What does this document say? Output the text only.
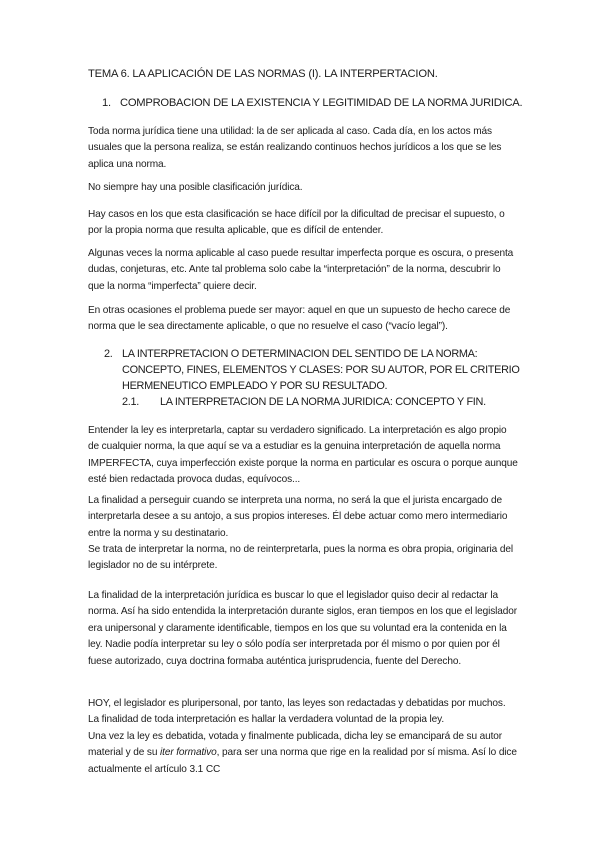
TEMA 6. LA APLICACIÓN DE LAS NORMAS (I). LA INTERPERTACION.
1. COMPROBACION DE LA EXISTENCIA Y LEGITIMIDAD DE LA NORMA JURIDICA.

Toda norma jurídica tiene una utilidad: la de ser aplicada al caso. Cada día, en los actos más usuales que la persona realiza, se están realizando continuos hechos jurídicos a los que se les aplica una norma.

No siempre hay una posible clasificación jurídica.

Hay casos en los que esta clasificación se hace difícil por la dificultad de precisar el supuesto, o por la propia norma que resulta aplicable, que es difícil de entender.

Algunas veces la norma aplicable al caso puede resultar imperfecta porque es oscura, o presenta dudas, conjeturas, etc. Ante tal problema solo cabe la “interpretación” de la norma, descubrir lo que la norma “imperfecta” quiere decir.

En otras ocasiones el problema puede ser mayor: aquel en que un supuesto de hecho carece de norma que le sea directamente aplicable, o que no resuelve el caso (“vacío legal”).

2. LA INTERPRETACION O DETERMINACION DEL SENTIDO DE LA NORMA: CONCEPTO, FINES, ELEMENTOS Y CLASES: POR SU AUTOR, POR EL CRITERIO HERMENEUTICO EMPLEADO Y POR SU RESULTADO.
2.1. LA INTERPRETACION DE LA NORMA JURIDICA: CONCEPTO Y FIN.

Entender la ley es interpretarla, captar su verdadero significado. La interpretación es algo propio de cualquier norma, la que aquí se va a estudiar es la genuina interpretación de aquella norma IMPERFECTA, cuya imperfección existe porque la norma en particular es oscura o porque aunque esté bien redactada provoca dudas, equívocos...

La finalidad a perseguir cuando se interpreta una norma, no será la que el jurista encargado de interpretarla desee a su antojo, a sus propios intereses. Él debe actuar como mero intermediario entre la norma y su destinatario.

Se trata de interpretar la norma, no de reinterpretarla, pues la norma es obra propia, originaria del legislador no de su intérprete.

La finalidad de la interpretación jurídica es buscar lo que el legislador quiso decir al redactar la norma. Así ha sido entendida la interpretación durante siglos, eran tiempos en los que el legislador era unipersonal y claramente identificable, tiempos en los que su voluntad era la contenida en la ley. Nadie podía interpretar su ley o sólo podía ser interpretada por él mismo o por quien por él fuese autorizado, cuya doctrina formaba auténtica jurisprudencia, fuente del Derecho.

HOY, el legislador es pluripersonal, por tanto, las leyes son redactadas y debatidas por muchos. La finalidad de toda interpretación es hallar la verdadera voluntad de la propia ley.

Una vez la ley es debatida, votada y finalmente publicada, dicha ley se emancipará de su autor material y de su iter formativo, para ser una norma que rige en la realidad por sí misma. Así lo dice actualmente el artículo 3.1 CC
